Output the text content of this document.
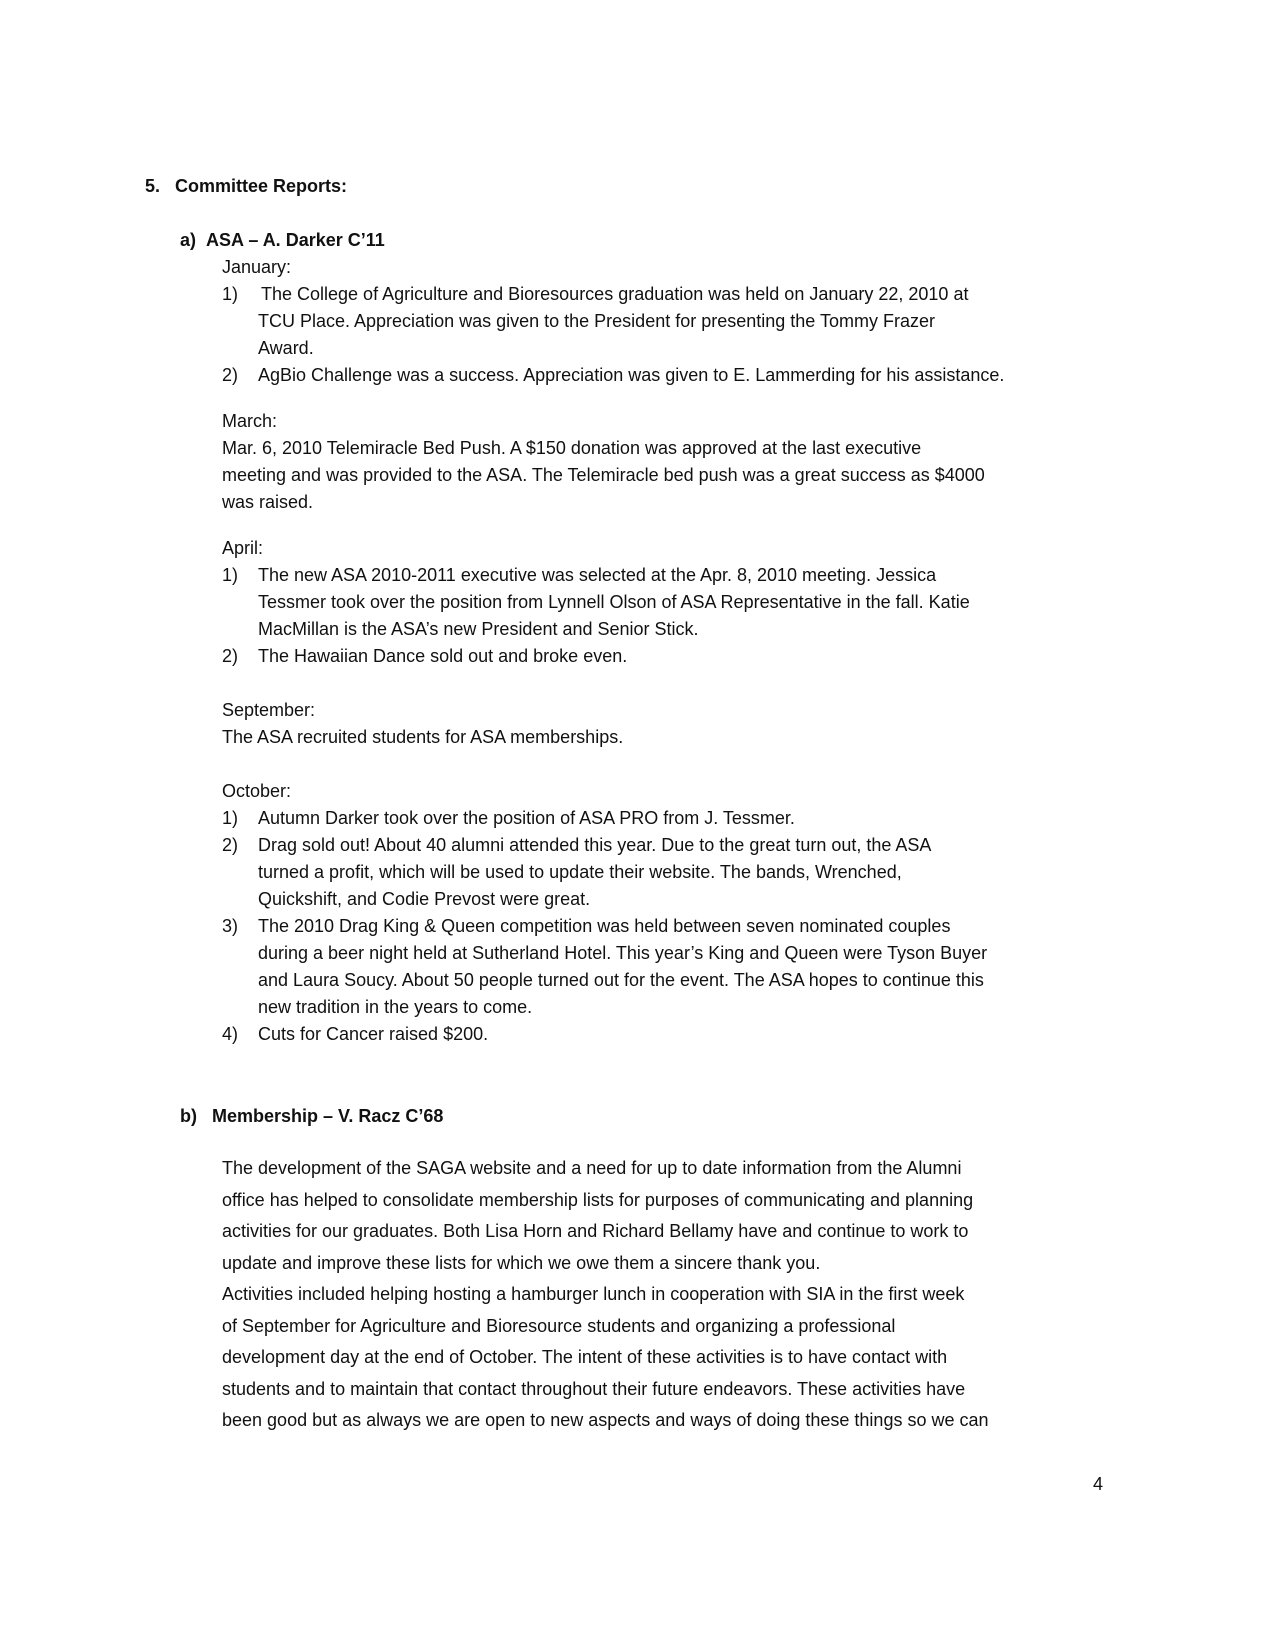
5.   Committee Reports:
a)  ASA – A. Darker C’11
January:
1) The College of Agriculture and Bioresources graduation was held on January 22, 2010 at
TCU Place. Appreciation was given to the President for presenting the Tommy Frazer
Award.
2) AgBio Challenge was a success. Appreciation was given to E. Lammerding for his assistance.
March:
Mar. 6, 2010 Telemiracle Bed Push. A $150 donation was approved at the last executive
meeting and was provided to the ASA. The Telemiracle bed push was a great success as $4000
was raised.
April:
1) The new ASA 2010-2011 executive was selected at the Apr. 8, 2010 meeting. Jessica
Tessmer took over the position from Lynnell Olson of ASA Representative in the fall. Katie
MacMillan is the ASA’s new President and Senior Stick.
2) The Hawaiian Dance sold out and broke even.
September:
The ASA recruited students for ASA memberships.
October:
1) Autumn Darker took over the position of ASA PRO from J. Tessmer.
2) Drag sold out! About 40 alumni attended this year. Due to the great turn out, the ASA
turned a profit, which will be used to update their website. The bands, Wrenched,
Quickshift, and Codie Prevost were great.
3) The 2010 Drag King & Queen competition was held between seven nominated couples
during a beer night held at Sutherland Hotel. This year’s King and Queen were Tyson Buyer
and Laura Soucy. About 50 people turned out for the event. The ASA hopes to continue this
new tradition in the years to come.
4) Cuts for Cancer raised $200.
b)   Membership – V. Racz C’68
The development of the SAGA website and a need for up to date information from the Alumni
office has helped to consolidate membership lists for purposes of communicating and planning
activities for our graduates. Both Lisa Horn and Richard Bellamy have and continue to work to
update and improve these lists for which we owe them a sincere thank you.
Activities included helping hosting a hamburger lunch in cooperation with SIA in the first week
of September for Agriculture and Bioresource students and organizing a professional
development day at the end of October. The intent of these activities is to have contact with
students and to maintain that contact throughout their future endeavors. These activities have
been good but as always we are open to new aspects and ways of doing these things so we can
4
